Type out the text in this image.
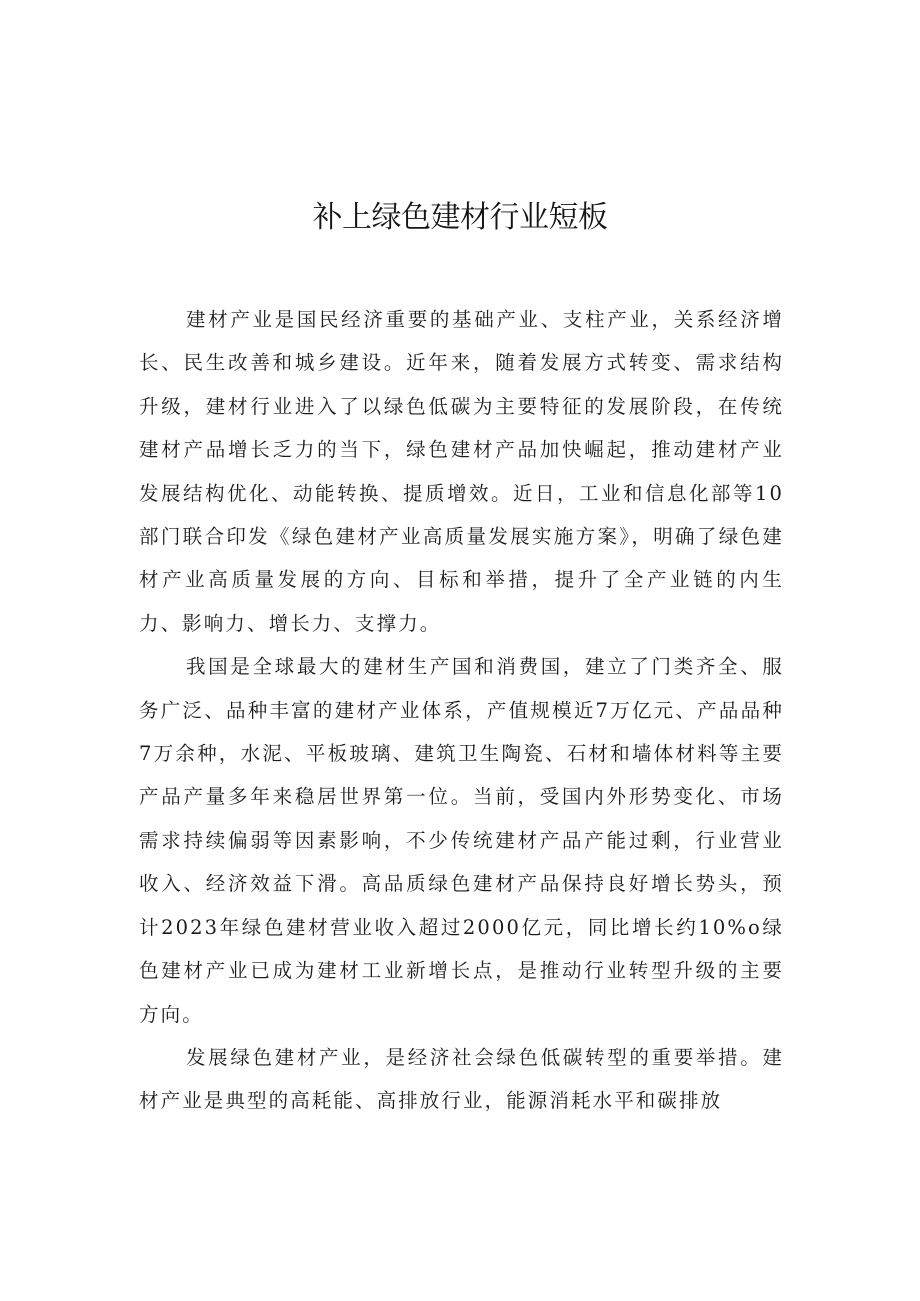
补上绿色建材行业短板

建材产业是国民经济重要的基础产业、支柱产业，关系经济增长、民生改善和城乡建设。近年来，随着发展方式转变、需求结构升级，建材行业进入了以绿色低碳为主要特征的发展阶段，在传统建材产品增长乏力的当下，绿色建材产品加快崛起，推动建材产业发展结构优化、动能转换、提质增效。近日，工业和信息化部等10部门联合印发《绿色建材产业高质量发展实施方案》，明确了绿色建材产业高质量发展的方向、目标和举措，提升了全产业链的内生力、影响力、增长力、支撑力。

我国是全球最大的建材生产国和消费国，建立了门类齐全、服务广泛、品种丰富的建材产业体系，产值规模近7万亿元、产品品种7万余种，水泥、平板玻璃、建筑卫生陶瓷、石材和墙体材料等主要产品产量多年来稳居世界第一位。当前，受国内外形势变化、市场需求持续偏弱等因素影响，不少传统建材产品产能过剩，行业营业收入、经济效益下滑。高品质绿色建材产品保持良好增长势头，预计2023年绿色建材营业收入超过2000亿元，同比增长约10%o绿色建材产业已成为建材工业新增长点，是推动行业转型升级的主要方向。

发展绿色建材产业，是经济社会绿色低碳转型的重要举措。建材产业是典型的高耗能、高排放行业，能源消耗水平和碳排放
